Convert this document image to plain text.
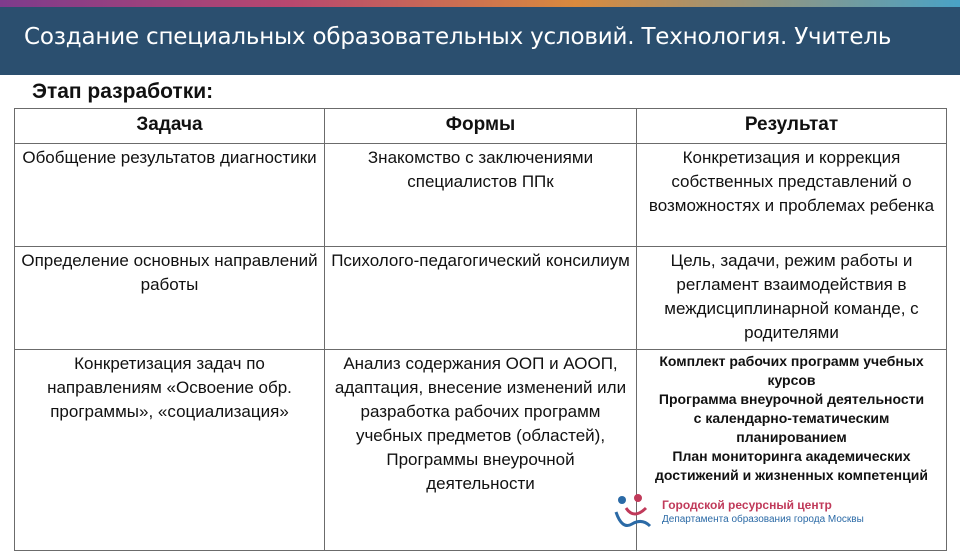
Создание специальных образовательных условий. Технология. Учитель
Этап разработки:
Задача	Формы	Результат
Обобщение результатов диагностики	Знакомство с заключениями специалистов ППк	Конкретизация и коррекция собственных представлений о возможностях и проблемах ребенка
Определение основных направлений работы	Психолого-педагогический консилиум	Цель, задачи, режим работы и регламент взаимодействия в междисциплинарной команде, с родителями
Конкретизация задач по направлениям «Освоение обр. программы», «социализация»	Анализ содержания ООП и АООП, адаптация, внесение изменений или разработка рабочих программ учебных предметов (областей), Программы внеурочной деятельности	Комплект рабочих программ учебных курсов
Программа внеурочной деятельности
с календарно-тематическим планированием
План мониторинга академических достижений и жизненных компетенций
Городской ресурсный центр
Департамента образования города Москвы
